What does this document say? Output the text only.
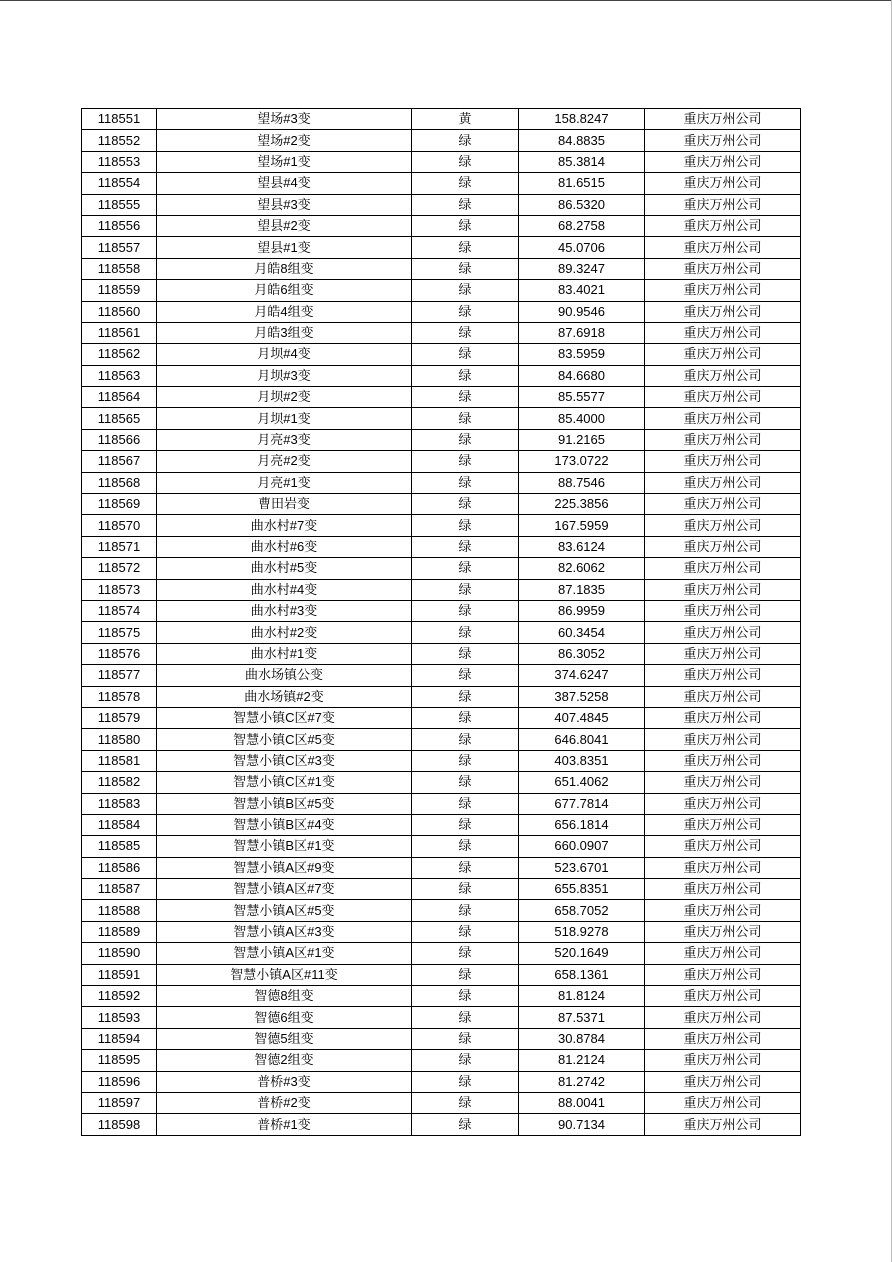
118551	望场#3变	黄	158.8247	重庆万州公司
118552	望场#2变	绿	84.8835	重庆万州公司
118553	望场#1变	绿	85.3814	重庆万州公司
118554	望县#4变	绿	81.6515	重庆万州公司
118555	望县#3变	绿	86.5320	重庆万州公司
118556	望县#2变	绿	68.2758	重庆万州公司
118557	望县#1变	绿	45.0706	重庆万州公司
118558	月皓8组变	绿	89.3247	重庆万州公司
118559	月皓6组变	绿	83.4021	重庆万州公司
118560	月皓4组变	绿	90.9546	重庆万州公司
118561	月皓3组变	绿	87.6918	重庆万州公司
118562	月坝#4变	绿	83.5959	重庆万州公司
118563	月坝#3变	绿	84.6680	重庆万州公司
118564	月坝#2变	绿	85.5577	重庆万州公司
118565	月坝#1变	绿	85.4000	重庆万州公司
118566	月亮#3变	绿	91.2165	重庆万州公司
118567	月亮#2变	绿	173.0722	重庆万州公司
118568	月亮#1变	绿	88.7546	重庆万州公司
118569	曹田岩变	绿	225.3856	重庆万州公司
118570	曲水村#7变	绿	167.5959	重庆万州公司
118571	曲水村#6变	绿	83.6124	重庆万州公司
118572	曲水村#5变	绿	82.6062	重庆万州公司
118573	曲水村#4变	绿	87.1835	重庆万州公司
118574	曲水村#3变	绿	86.9959	重庆万州公司
118575	曲水村#2变	绿	60.3454	重庆万州公司
118576	曲水村#1变	绿	86.3052	重庆万州公司
118577	曲水场镇公变	绿	374.6247	重庆万州公司
118578	曲水场镇#2变	绿	387.5258	重庆万州公司
118579	智慧小镇C区#7变	绿	407.4845	重庆万州公司
118580	智慧小镇C区#5变	绿	646.8041	重庆万州公司
118581	智慧小镇C区#3变	绿	403.8351	重庆万州公司
118582	智慧小镇C区#1变	绿	651.4062	重庆万州公司
118583	智慧小镇B区#5变	绿	677.7814	重庆万州公司
118584	智慧小镇B区#4变	绿	656.1814	重庆万州公司
118585	智慧小镇B区#1变	绿	660.0907	重庆万州公司
118586	智慧小镇A区#9变	绿	523.6701	重庆万州公司
118587	智慧小镇A区#7变	绿	655.8351	重庆万州公司
118588	智慧小镇A区#5变	绿	658.7052	重庆万州公司
118589	智慧小镇A区#3变	绿	518.9278	重庆万州公司
118590	智慧小镇A区#1变	绿	520.1649	重庆万州公司
118591	智慧小镇A区#11变	绿	658.1361	重庆万州公司
118592	智德8组变	绿	81.8124	重庆万州公司
118593	智德6组变	绿	87.5371	重庆万州公司
118594	智德5组变	绿	30.8784	重庆万州公司
118595	智德2组变	绿	81.2124	重庆万州公司
118596	普桥#3变	绿	81.2742	重庆万州公司
118597	普桥#2变	绿	88.0041	重庆万州公司
118598	普桥#1变	绿	90.7134	重庆万州公司
